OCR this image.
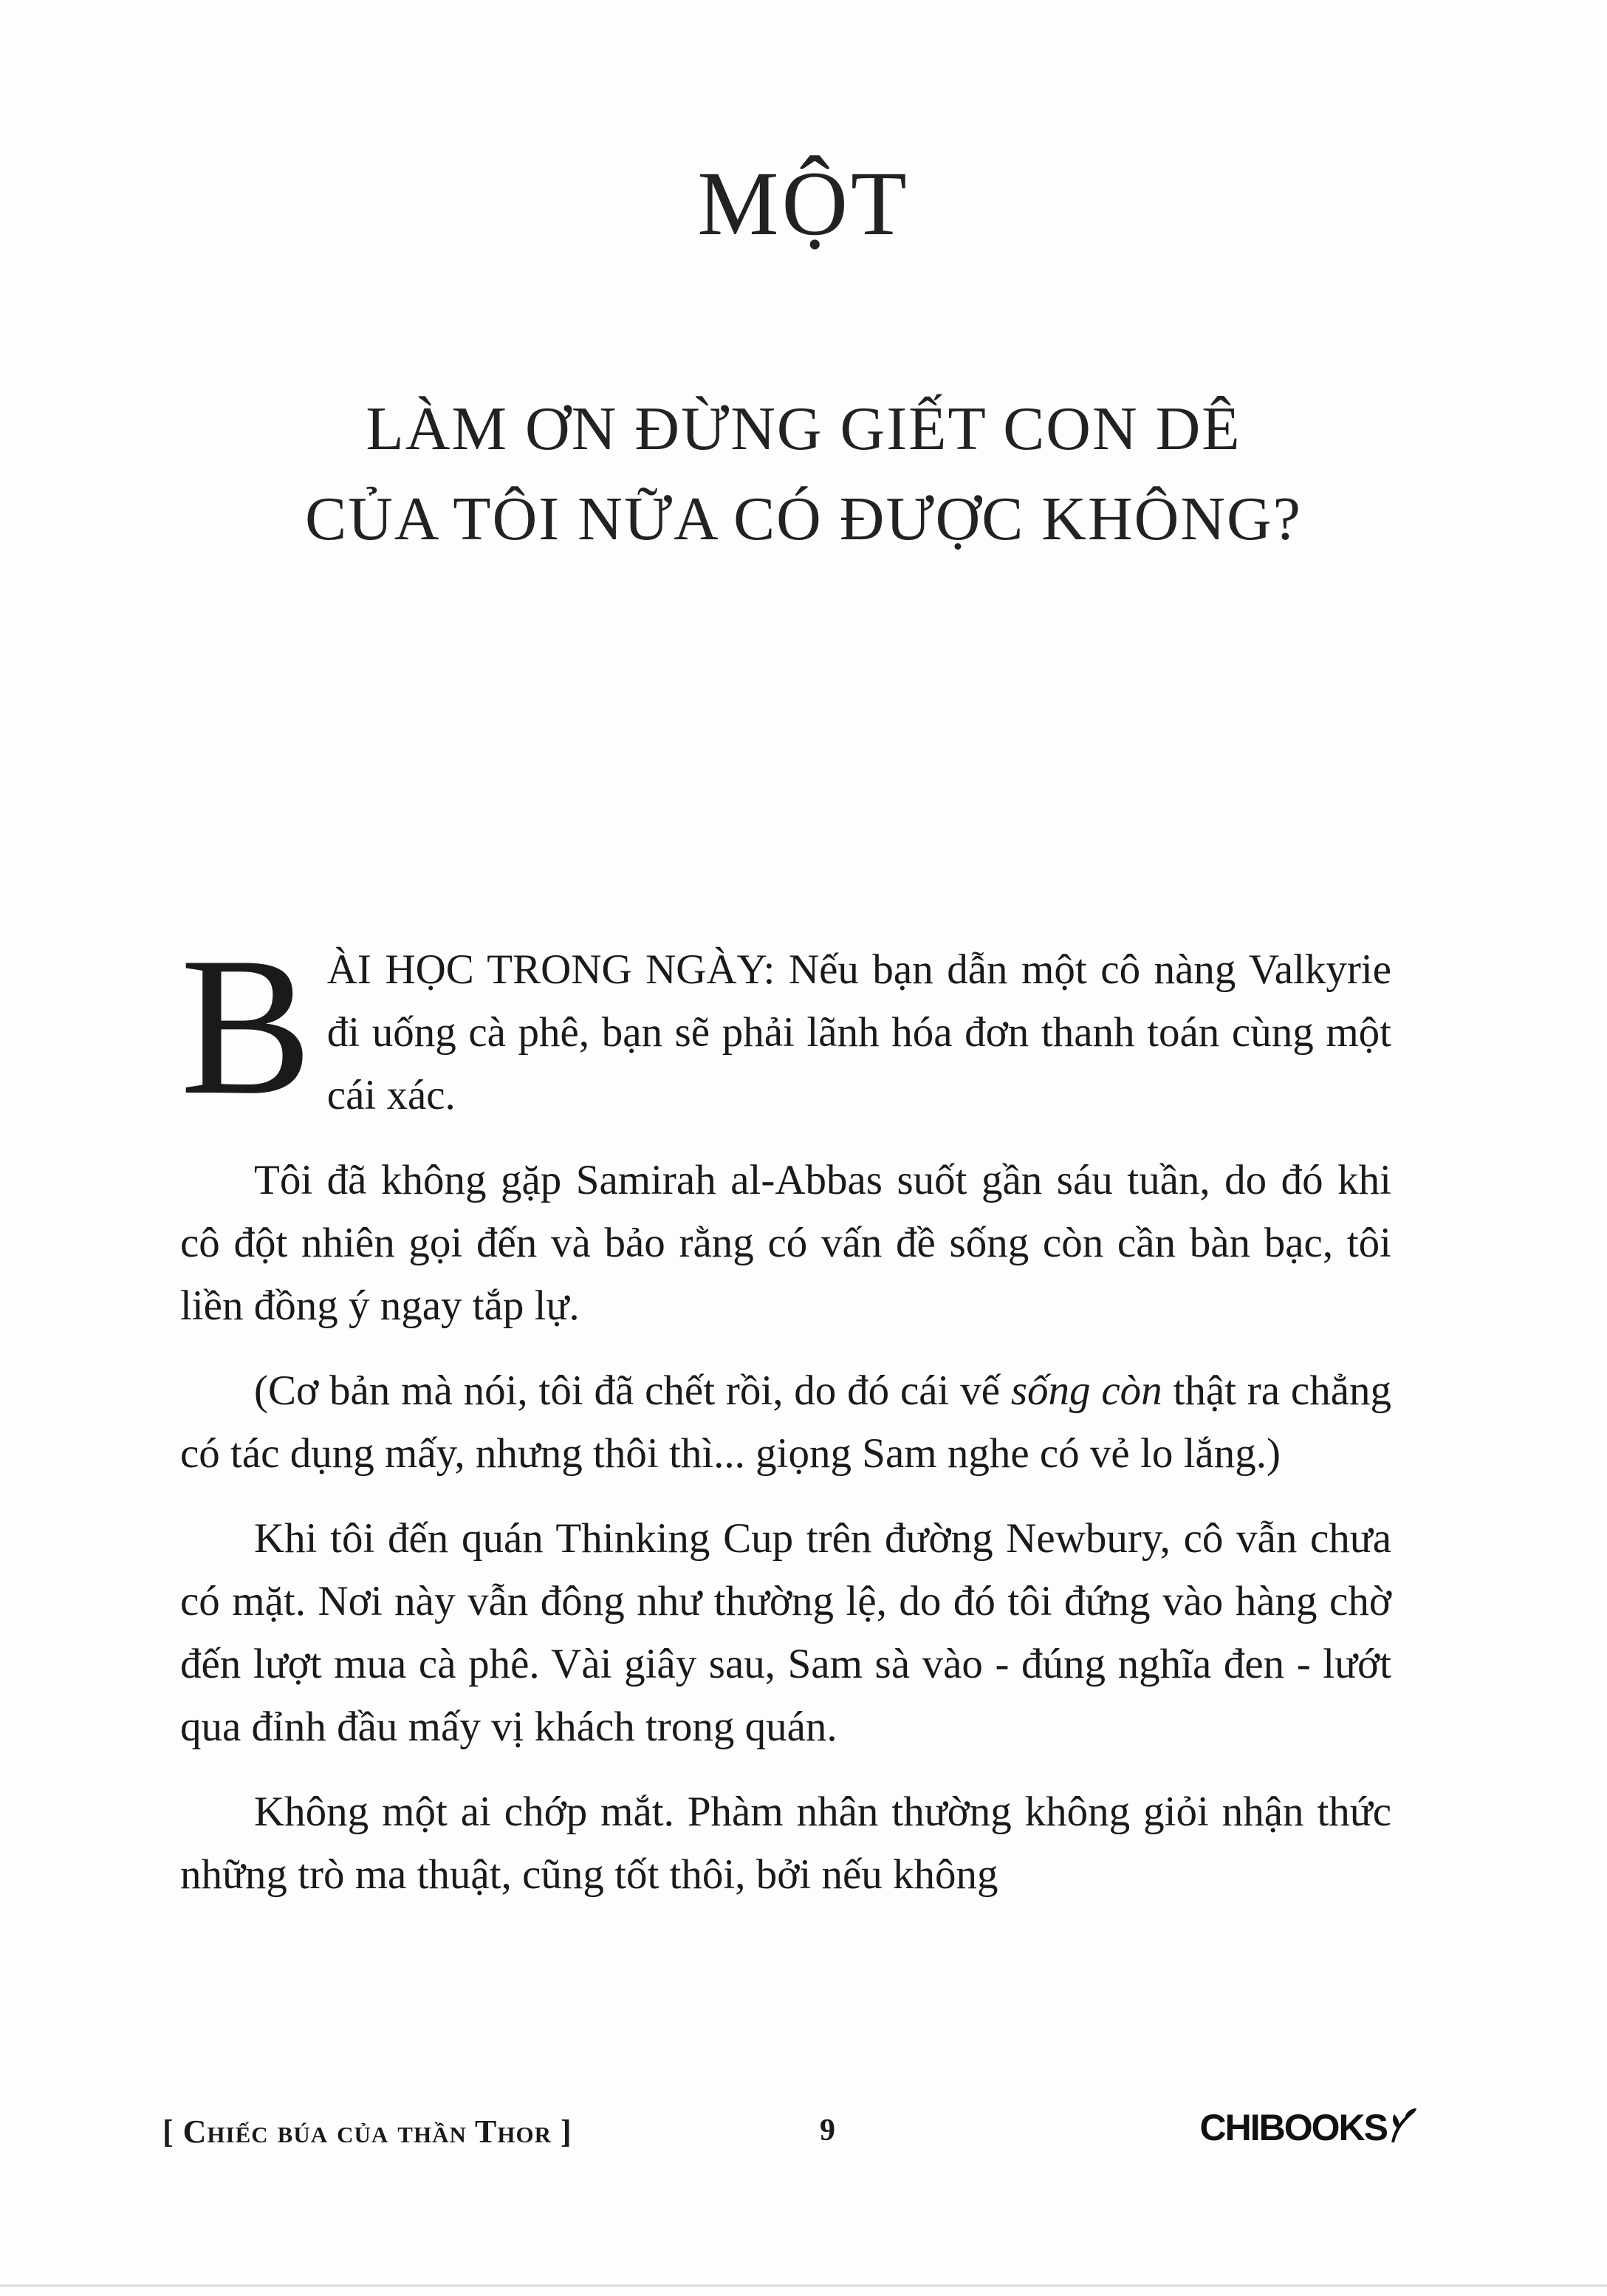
MỘT
LÀM ƠN ĐỪNG GIẾT CON DÊ
CỦA TÔI NỮA CÓ ĐƯỢC KHÔNG?
B ÀI HỌC TRONG NGÀY: Nếu bạn dẫn một cô nàng Valkyrie đi uống cà phê, bạn sẽ phải lãnh hóa đơn thanh toán cùng một cái xác.

Tôi đã không gặp Samirah al-Abbas suốt gần sáu tuần, do đó khi cô đột nhiên gọi đến và bảo rằng có vấn đề sống còn cần bàn bạc, tôi liền đồng ý ngay tắp lự.

(Cơ bản mà nói, tôi đã chết rồi, do đó cái vế sống còn thật ra chẳng có tác dụng mấy, nhưng thôi thì... giọng Sam nghe có vẻ lo lắng.)

Khi tôi đến quán Thinking Cup trên đường Newbury, cô vẫn chưa có mặt. Nơi này vẫn đông như thường lệ, do đó tôi đứng vào hàng chờ đến lượt mua cà phê. Vài giây sau, Sam sà vào - đúng nghĩa đen - lướt qua đỉnh đầu mấy vị khách trong quán.

Không một ai chớp mắt. Phàm nhân thường không giỏi nhận thức những trò ma thuật, cũng tốt thôi, bởi nếu không

[ Chiếc búa của thần Thor ]	9	CHIBOOKS
